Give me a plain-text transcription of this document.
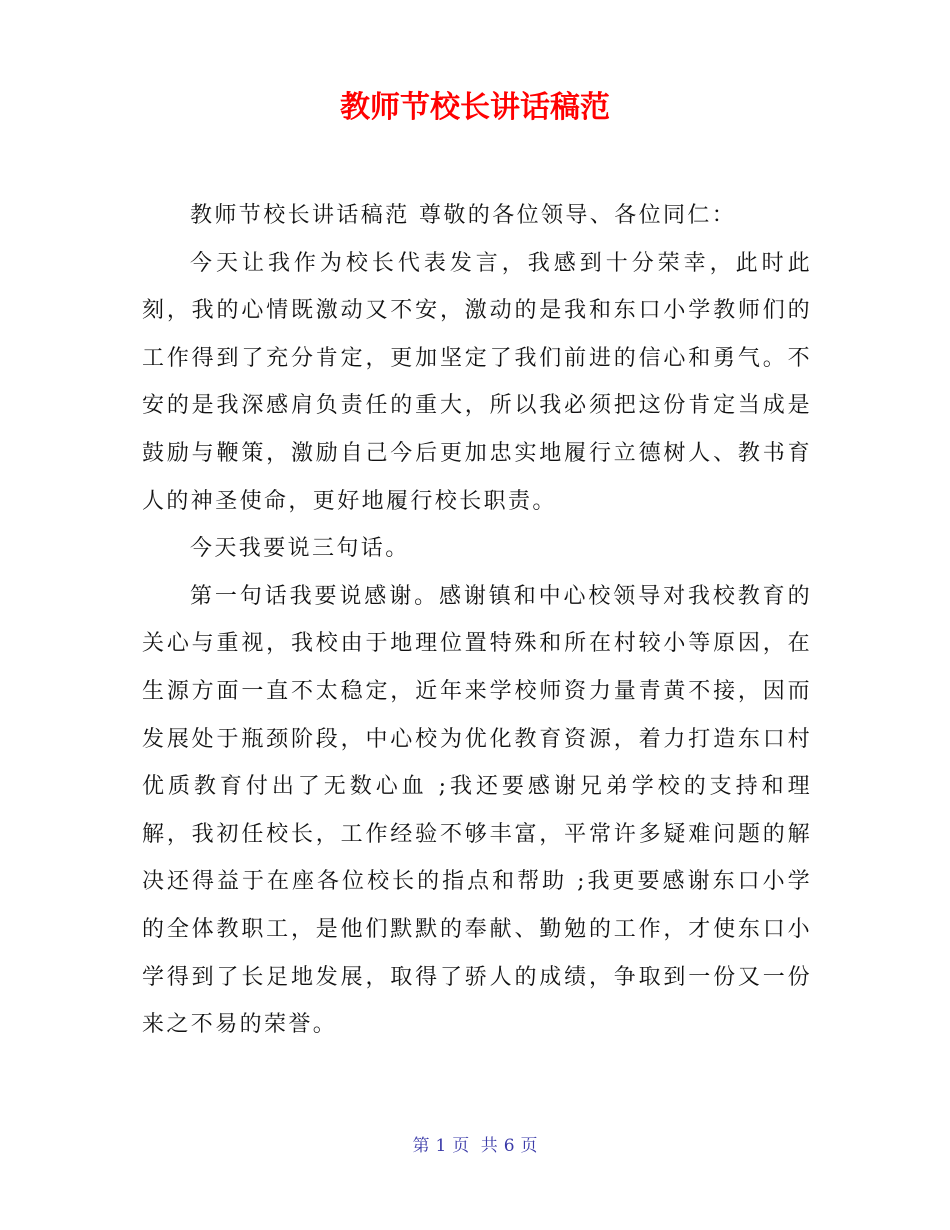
教师节校长讲话稿范

教师节校长讲话稿范 尊敬的各位领导、各位同仁：

今天让我作为校长代表发言，我感到十分荣幸，此时此刻，我的心情既激动又不安，激动的是我和东口小学教师们的工作得到了充分肯定，更加坚定了我们前进的信心和勇气。不安的是我深感肩负责任的重大，所以我必须把这份肯定当成是鼓励与鞭策，激励自己今后更加忠实地履行立德树人、教书育人的神圣使命，更好地履行校长职责。

今天我要说三句话。

第一句话我要说感谢。感谢镇和中心校领导对我校教育的关心与重视，我校由于地理位置特殊和所在村较小等原因，在生源方面一直不太稳定，近年来学校师资力量青黄不接，因而发展处于瓶颈阶段，中心校为优化教育资源，着力打造东口村优质教育付出了无数心血 ;我还要感谢兄弟学校的支持和理解，我初任校长，工作经验不够丰富，平常许多疑难问题的解决还得益于在座各位校长的指点和帮助 ;我更要感谢东口小学的全体教职工，是他们默默的奉献、勤勉的工作，才使东口小学得到了长足地发展，取得了骄人的成绩，争取到一份又一份来之不易的荣誉。

第 1 页 共 6 页
